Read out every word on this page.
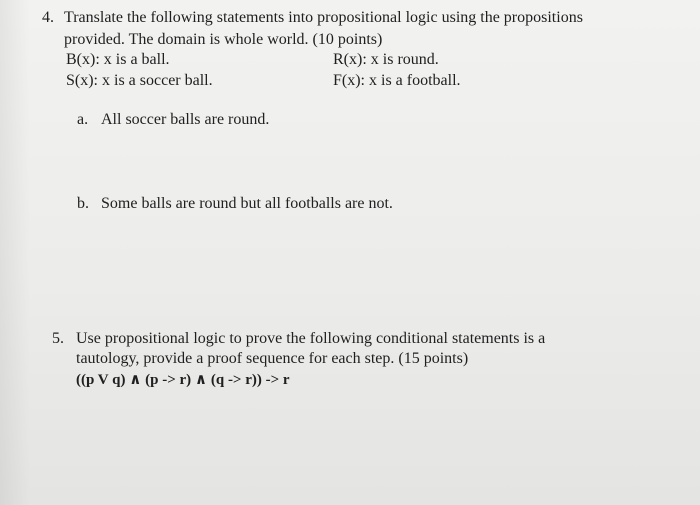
4. Translate the following statements into propositional logic using the propositions
provided. The domain is whole world. (10 points)
B(x): x is a ball.	R(x): x is round.
S(x): x is a soccer ball.	F(x): x is a football.
a. All soccer balls are round.
b. Some balls are round but all footballs are not.
5. Use propositional logic to prove the following conditional statements is a
tautology, provide a proof sequence for each step. (15 points)
((p V q) ∧ (p -> r) ∧ (q -> r)) -> r
